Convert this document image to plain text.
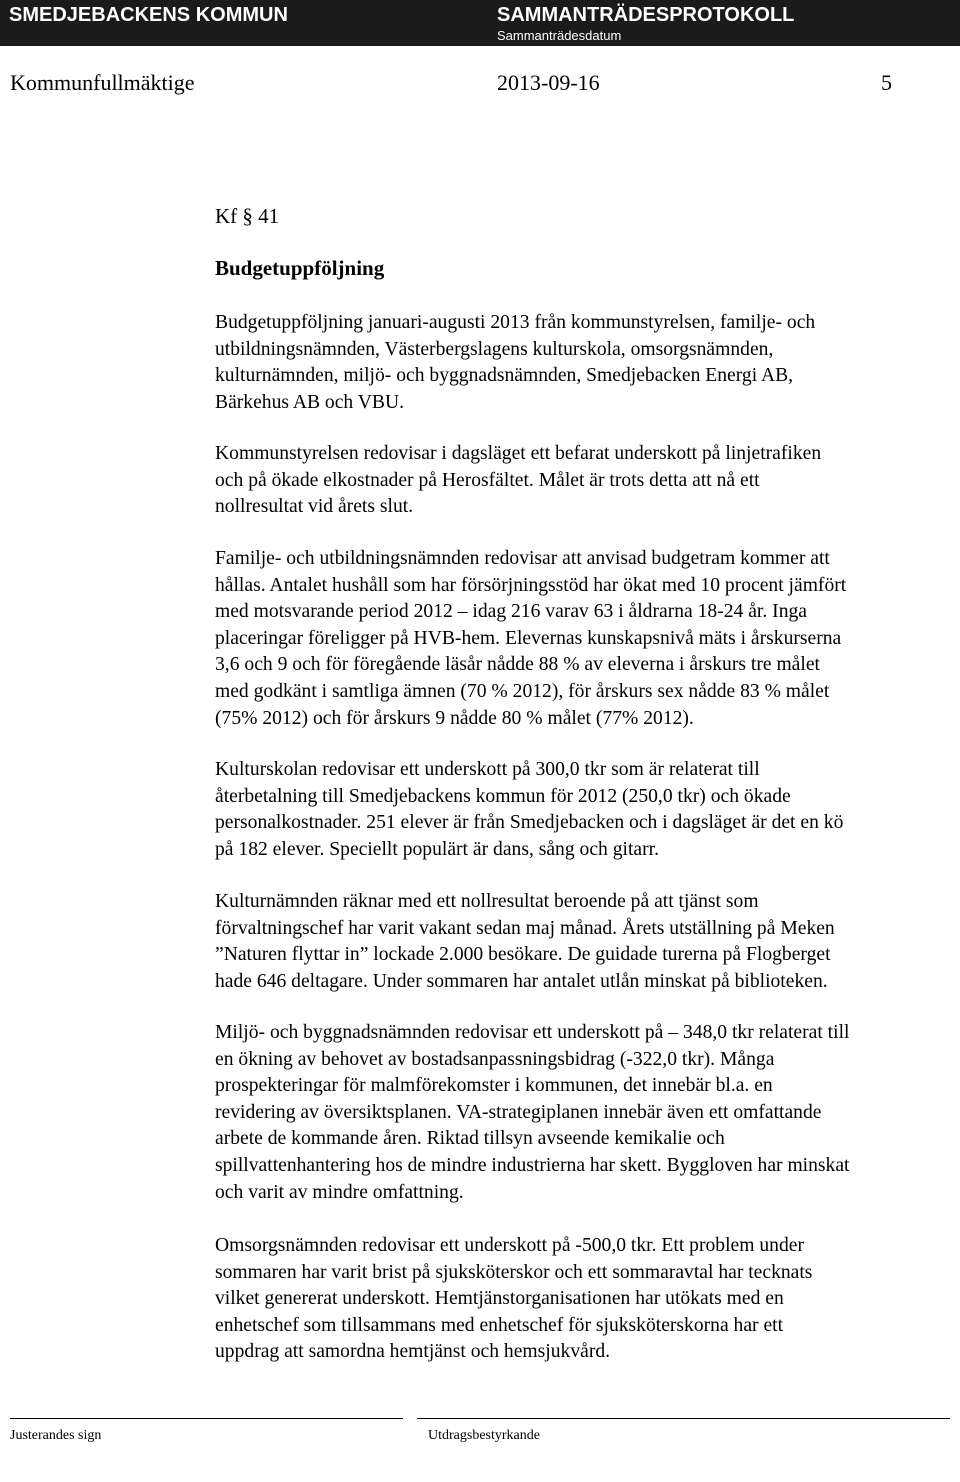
SMEDJEBACKENS KOMMUN	SAMMANTRÄDESPROTOKOLL
Sammanträdesdatum
Kommunfullmäktige	2013-09-16	5
Kf § 41
Budgetuppföljning
Budgetuppföljning januari-augusti 2013 från kommunstyrelsen, familje- och
utbildningsnämnden, Västerbergslagens kulturskola, omsorgsnämnden,
kulturnämnden, miljö- och byggnadsnämnden, Smedjebacken Energi AB,
Bärkehus AB och VBU.
Kommunstyrelsen redovisar i dagsläget ett befarat underskott på linjetrafiken
och på ökade elkostnader på Herosfältet. Målet är trots detta att nå ett
nollresultat vid årets slut.
Familje- och utbildningsnämnden redovisar att anvisad budgetram kommer att
hållas. Antalet hushåll som har försörjningsstöd har ökat med 10 procent jämfört
med motsvarande period 2012 – idag 216 varav 63 i åldrarna 18-24 år. Inga
placeringar föreligger på HVB-hem. Elevernas kunskapsnivå mäts i årskurserna
3,6 och 9 och för föregående läsår nådde 88 % av eleverna i årskurs tre målet
med godkänt i samtliga ämnen (70 % 2012), för årskurs sex nådde 83 % målet
(75% 2012) och för årskurs 9 nådde 80 % målet (77% 2012).
Kulturskolan redovisar ett underskott på 300,0 tkr som är relaterat till
återbetalning till Smedjebackens kommun för 2012 (250,0 tkr) och ökade
personalkostnader. 251 elever är från Smedjebacken och i dagsläget är det en kö
på 182 elever. Speciellt populärt är dans, sång och gitarr.
Kulturnämnden räknar med ett nollresultat beroende på att tjänst som
förvaltningschef har varit vakant sedan maj månad. Årets utställning på Meken
”Naturen flyttar in” lockade 2.000 besökare. De guidade turerna på Flogberget
hade 646 deltagare. Under sommaren har antalet utlån minskat på biblioteken.
Miljö- och byggnadsnämnden redovisar ett underskott på – 348,0 tkr relaterat till
en ökning av behovet av bostadsanpassningsbidrag (-322,0 tkr). Många
prospekteringar för malmförekomster i kommunen, det innebär bl.a. en
revidering av översiktsplanen. VA-strategiplanen innebär även ett omfattande
arbete de kommande åren. Riktad tillsyn avseende kemikalie och
spillvattenhantering hos de mindre industrierna har skett. Byggloven har minskat
och varit av mindre omfattning.
Omsorgsnämnden redovisar ett underskott på -500,0 tkr. Ett problem under
sommaren har varit brist på sjuksköterskor och ett sommaravtal har tecknats
vilket genererat underskott. Hemtjänstorganisationen har utökats med en
enhetschef som tillsammans med enhetschef för sjuksköterskorna har ett
uppdrag att samordna hemtjänst och hemsjukvård.
Justerandes sign	Utdragsbestyrkande
